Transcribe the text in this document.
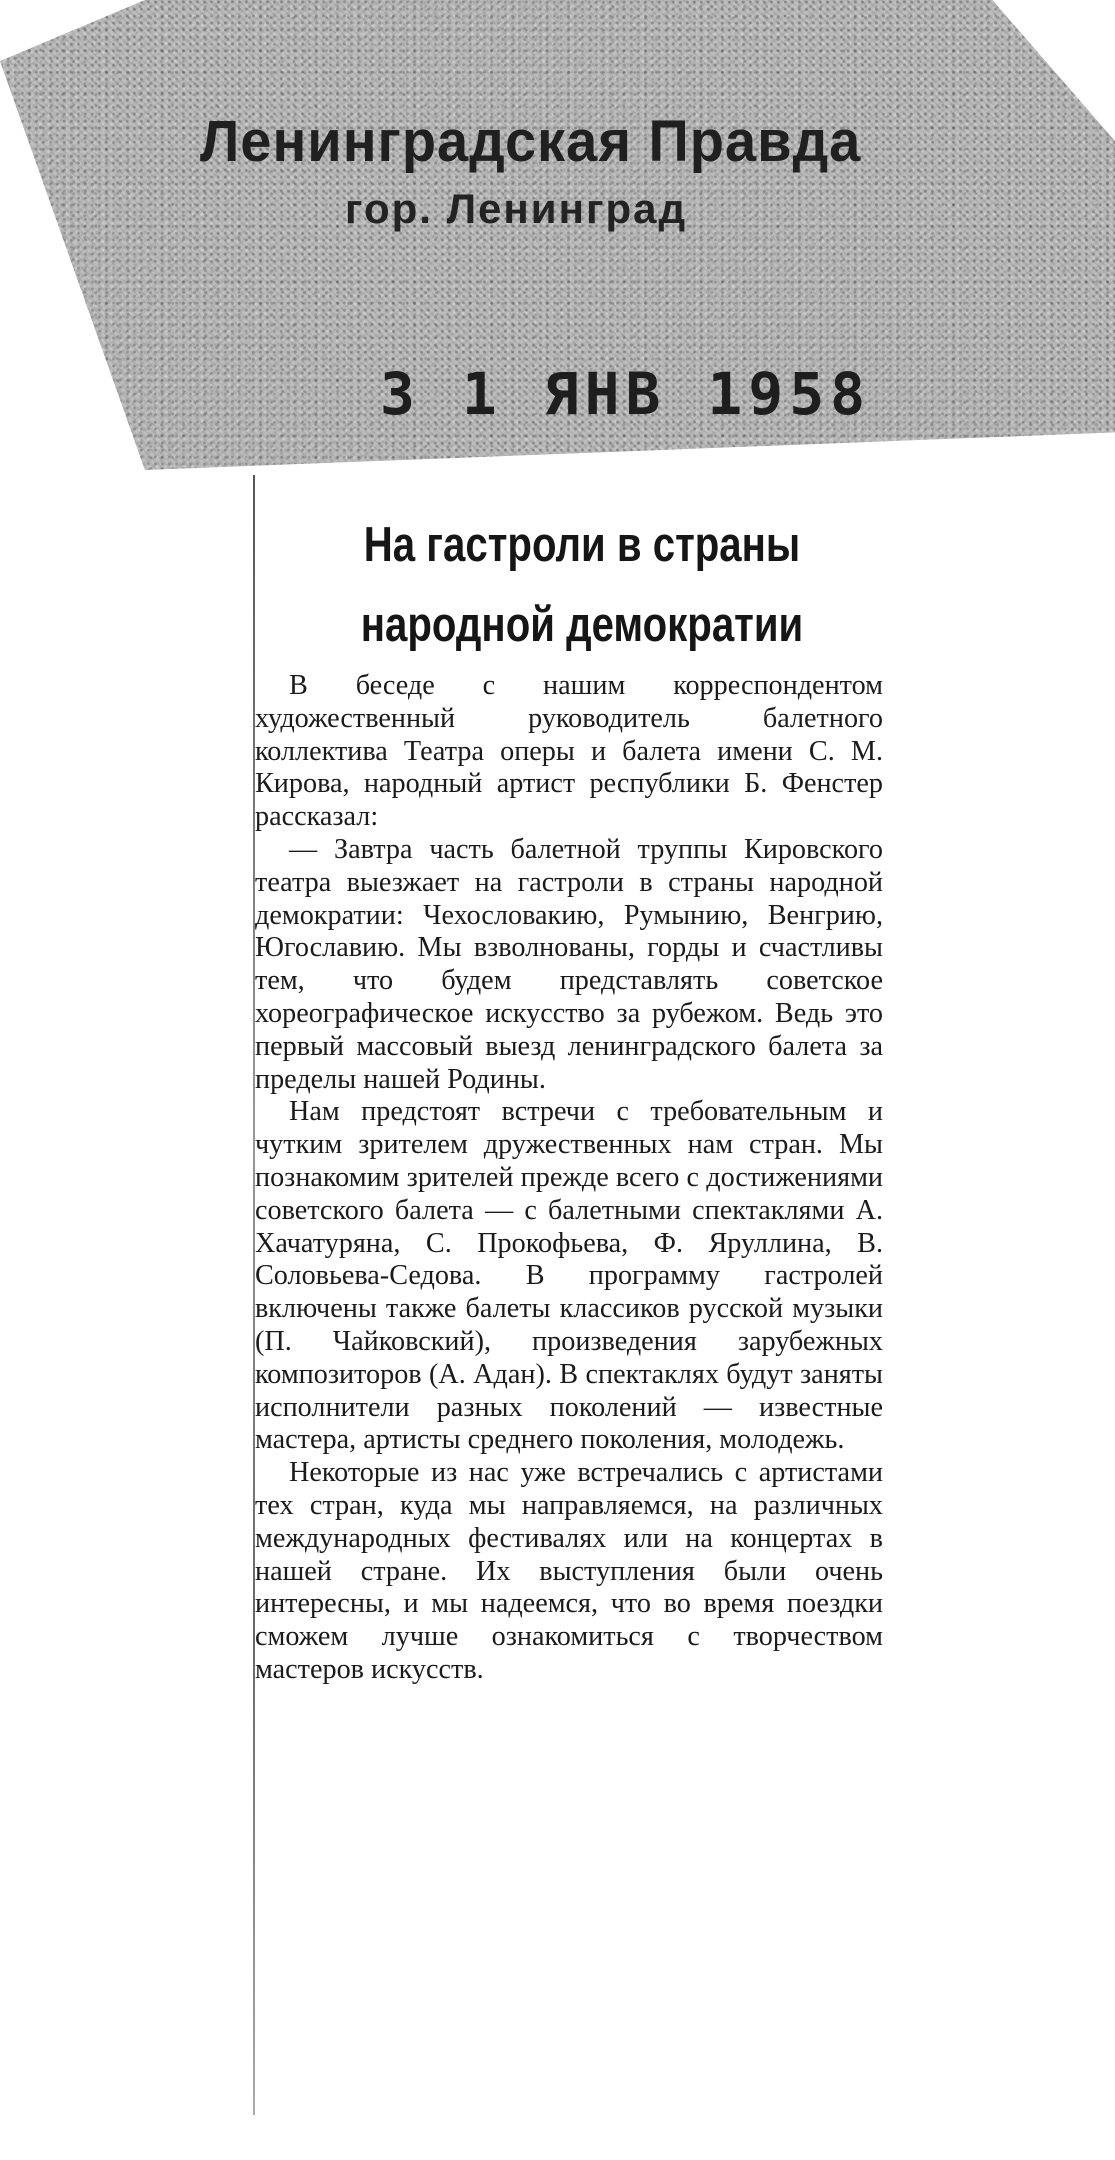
Ленинградская Правда
гор. Ленинград
3 1 ЯНВ 1958
На гастроли в страны народной демократии

В беседе с нашим корреспондентом художественный руководитель балетного коллектива Театра оперы и балета имени С. М. Кирова, народный артист республики Б. Фенстер рассказал:

— Завтра часть балетной труппы Кировского театра выезжает на гастроли в страны народной демократии: Чехословакию, Румынию, Венгрию, Югославию. Мы взволнованы, горды и счастливы тем, что будем представлять советское хореографическое искусство за рубежом. Ведь это первый массовый выезд ленинградского балета за пределы нашей Родины.

Нам предстоят встречи с требовательным и чутким зрителем дружественных нам стран. Мы познакомим зрителей прежде всего с достижениями советского балета — с балетными спектаклями А. Хачатуряна, С. Прокофьева, Ф. Яруллина, В. Соловьева-Седова. В программу гастролей включены также балеты классиков русской музыки (П. Чайковский), произведения зарубежных композиторов (А. Адан). В спектаклях будут заняты исполнители разных поколений — известные мастера, артисты среднего поколения, молодежь.

Некоторые из нас уже встречались с артистами тех стран, куда мы направляемся, на различных международных фестивалях или на концертах в нашей стране. Их выступления были очень интересны, и мы надеемся, что во время поездки сможем лучше ознакомиться с творчеством мастеров искусств.
